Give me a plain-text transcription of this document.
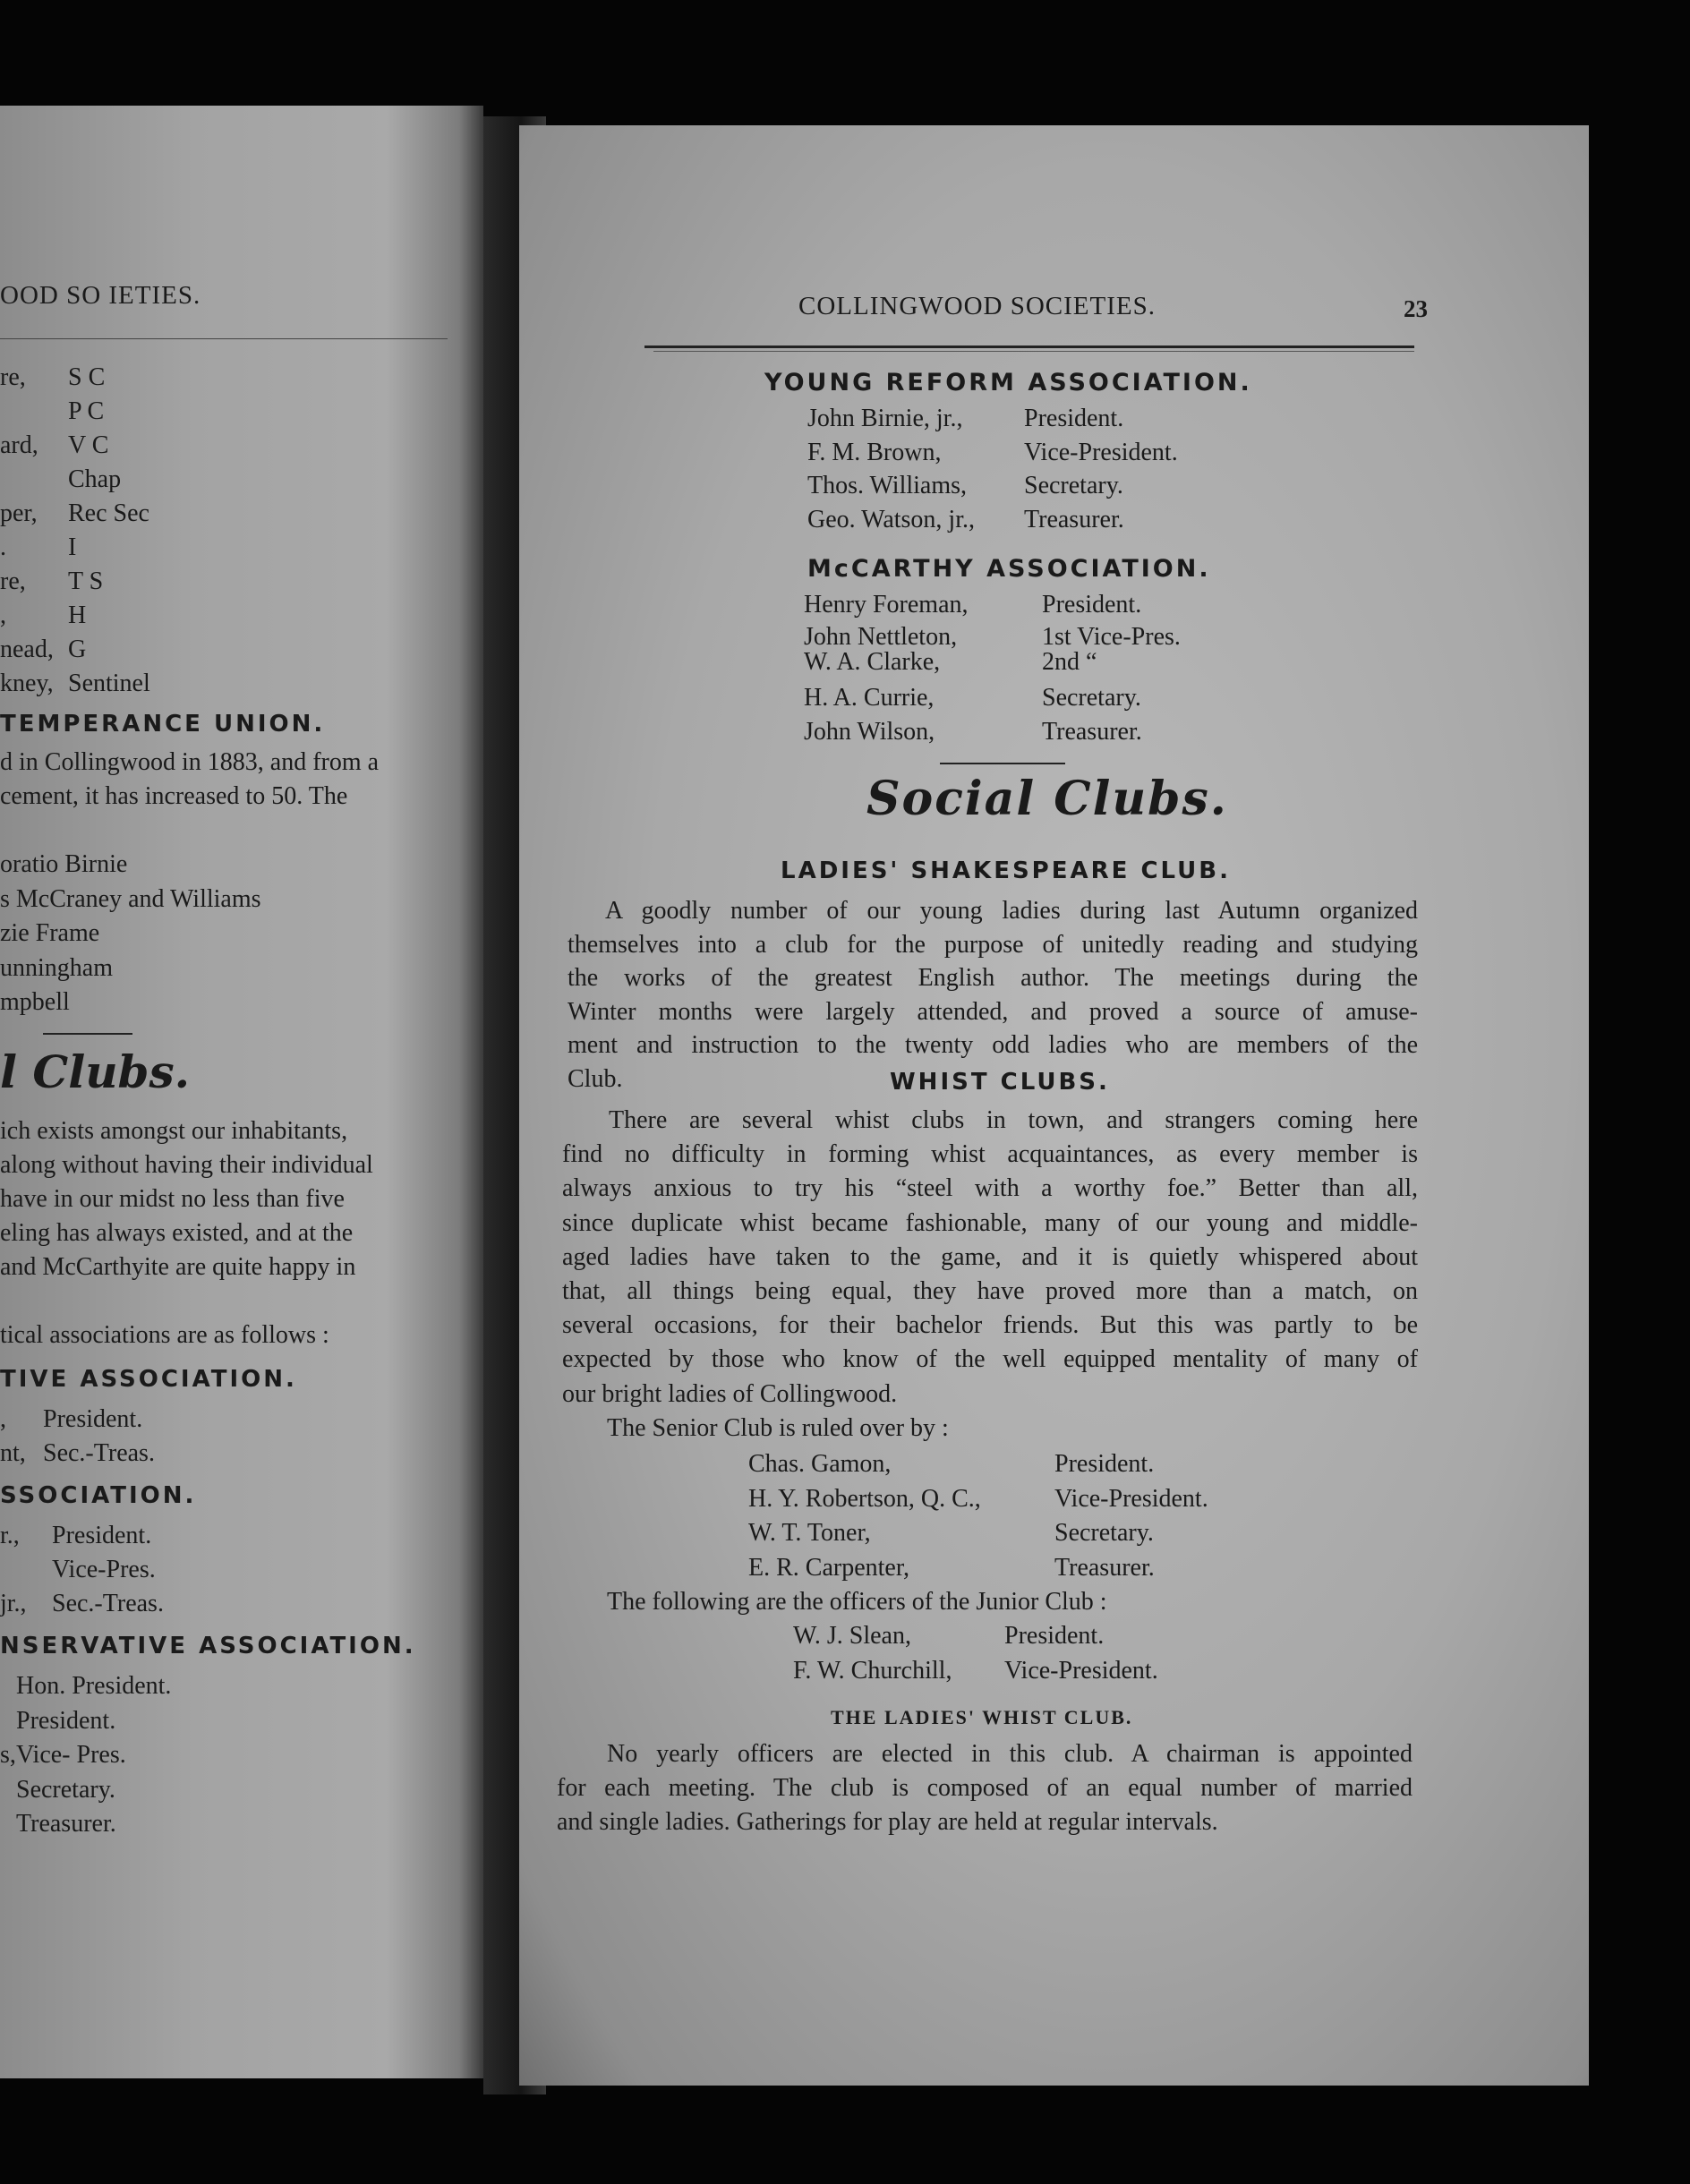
OOD SO IETIES.
re, S C
P C
ard, V C
Chap
per, Rec Sec
. I
re, T S
, H
nead, G
kney, Sentinel
TEMPERANCE UNION.
d in Collingwood in 1883, and from a
cement, it has increased to 50. The
oratio Birnie
s McCraney and Williams
zie Frame
unningham
mpbell
l Clubs.
ich exists amongst our inhabitants,
along without having their individual
have in our midst no less than five
eling has always existed, and at the
and McCarthyite are quite happy in
tical associations are as follows :
TIVE ASSOCIATION.
, President.
nt, Sec.-Treas.
SSOCIATION.
r., President.
Vice-Pres.
jr., Sec.-Treas.
NSERVATIVE ASSOCIATION.
Hon. President.
President.
s, Vice- Pres.
Secretary.
Treasurer.
COLLINGWOOD SOCIETIES.	23
YOUNG REFORM ASSOCIATION.
John Birnie, jr., President.
F. M. Brown,	Vice-President.
Thos. Williams, Secretary.
Geo. Watson, jr., Treasurer.
McCARTHY ASSOCIATION.
Henry Foreman,	President.
John Nettleton,	1st Vice-Pres.
W. A. Clarke,	2nd “
H. A. Currie,	Secretary.
John Wilson,	Treasurer.
Social Clubs.
LADIES' SHAKESPEARE CLUB.
A goodly number of our young ladies during last Autumn organized
themselves into a club for the purpose of unitedly reading and studying
the works of the greatest English author. The meetings during the
Winter months were largely attended, and proved a source of amuse-
ment and instruction to the twenty odd ladies who are members of the
Club.	WHIST CLUBS.
There are several whist clubs in town, and strangers coming here
find no difficulty in forming whist acquaintances, as every member is
always anxious to try his “steel with a worthy foe.” Better than all,
since duplicate whist became fashionable, many of our young and middle-
aged ladies have taken to the game, and it is quietly whispered about
that, all things being equal, they have proved more than a match, on
several occasions, for their bachelor friends. But this was partly to be
expected by those who know of the well equipped mentality of many of
our bright ladies of Collingwood.
The Senior Club is ruled over by :
Chas. Gamon,	President.
H. Y. Robertson, Q. C.,	Vice-President.
W. T. Toner,	Secretary.
E. R. Carpenter,	Treasurer.
The following are the officers of the Junior Club :
W. J. Slean,	President.
F. W. Churchill, Vice-President.
THE LADIES' WHIST CLUB.
No yearly officers are elected in this club. A chairman is appointed
for each meeting. The club is composed of an equal number of married
and single ladies. Gatherings for play are held at regular intervals.
